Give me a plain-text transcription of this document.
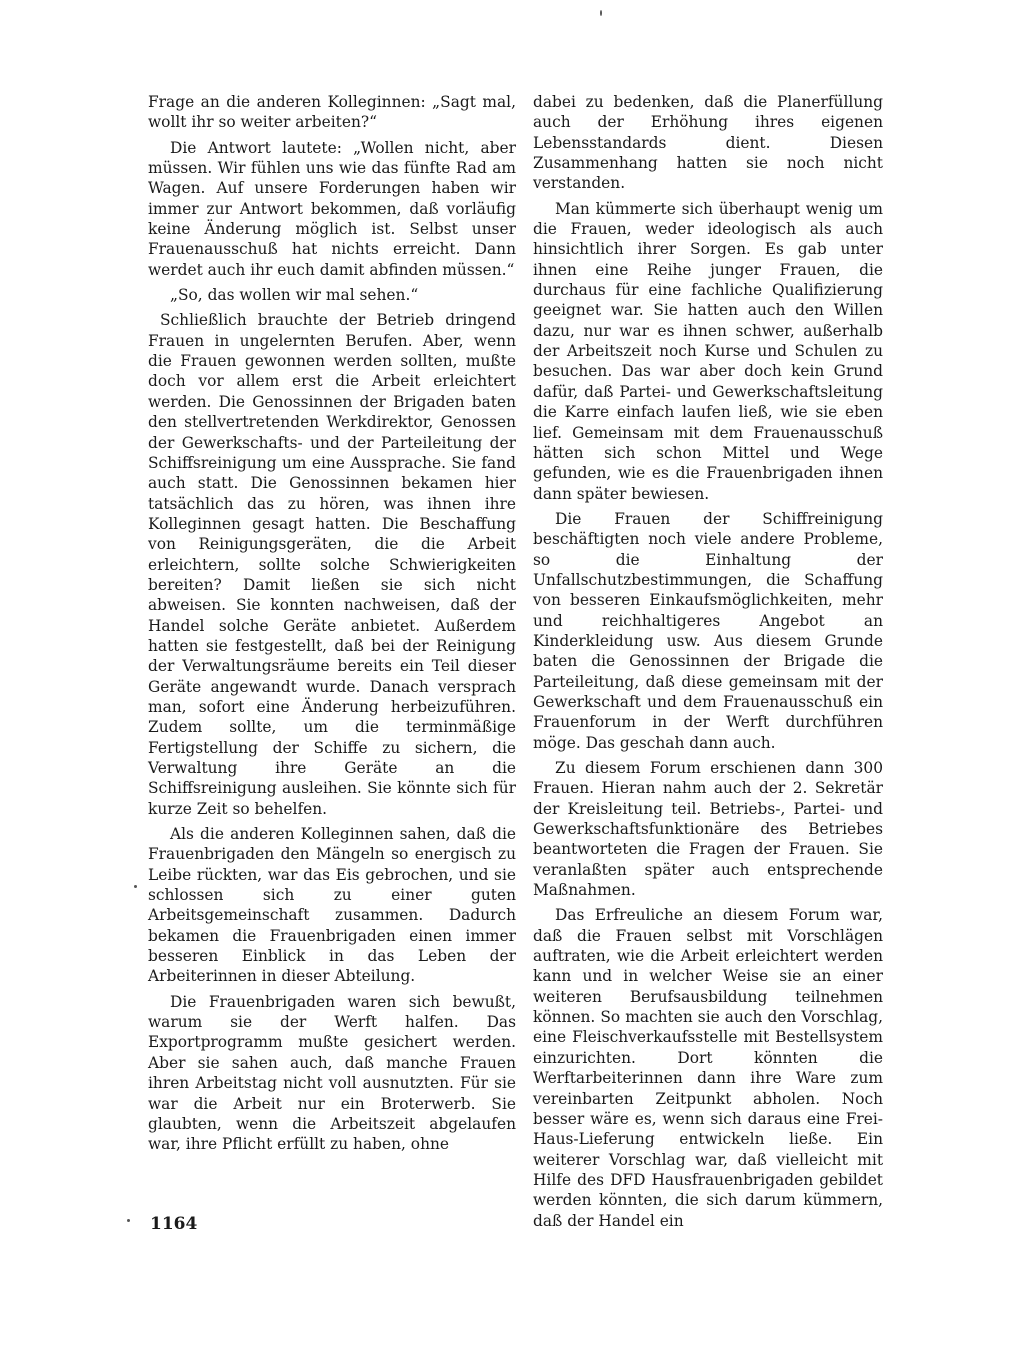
Frage an die anderen Kolleginnen: „Sagt mal, wollt ihr so weiter arbeiten?“

Die Antwort lautete: „Wollen nicht, aber müssen. Wir fühlen uns wie das fünfte Rad am Wagen. Auf unsere Forderungen haben wir immer zur Antwort bekommen, daß vorläufig keine Änderung möglich ist. Selbst unser Frauenausschuß hat nichts erreicht. Dann werdet auch ihr euch damit abfinden müssen.“

„So, das wollen wir mal sehen.“

Schließlich brauchte der Betrieb dringend Frauen in ungelernten Berufen. Aber, wenn die Frauen gewonnen werden sollten, mußte doch vor allem erst die Arbeit erleichtert werden. Die Genossinnen der Brigaden baten den stellvertretenden Werkdirektor, Genossen der Gewerkschafts- und der Parteileitung der Schiffsreinigung um eine Aussprache. Sie fand auch statt. Die Genossinnen bekamen hier tatsächlich das zu hören, was ihnen ihre Kolleginnen gesagt hatten. Die Beschaffung von Reinigungsgeräten, die die Arbeit erleichtern, sollte solche Schwierigkeiten bereiten? Damit ließen sie sich nicht abweisen. Sie konnten nachweisen, daß der Handel solche Geräte anbietet. Außerdem hatten sie festgestellt, daß bei der Reinigung der Verwaltungsräume bereits ein Teil dieser Geräte angewandt wurde. Danach versprach man, sofort eine Änderung herbeizuführen. Zudem sollte, um die terminmäßige Fertigstellung der Schiffe zu sichern, die Verwaltung ihre Geräte an die Schiffsreinigung ausleihen. Sie könnte sich für kurze Zeit so behelfen.

Als die anderen Kolleginnen sahen, daß die Frauenbrigaden den Mängeln so energisch zu Leibe rückten, war das Eis gebrochen, und sie schlossen sich zu einer guten Arbeitsgemeinschaft zusammen. Dadurch bekamen die Frauenbrigaden einen immer besseren Einblick in das Leben der Arbeiterinnen in dieser Abteilung.

Die Frauenbrigaden waren sich bewußt, warum sie der Werft halfen. Das Exportprogramm mußte gesichert werden. Aber sie sahen auch, daß manche Frauen ihren Arbeitstag nicht voll ausnutzten. Für sie war die Arbeit nur ein Broterwerb. Sie glaubten, wenn die Arbeitszeit abgelaufen war, ihre Pflicht erfüllt zu haben, ohne

dabei zu bedenken, daß die Planerfüllung auch der Erhöhung ihres eigenen Lebensstandards dient. Diesen Zusammenhang hatten sie noch nicht verstanden.

Man kümmerte sich überhaupt wenig um die Frauen, weder ideologisch als auch hinsichtlich ihrer Sorgen. Es gab unter ihnen eine Reihe junger Frauen, die durchaus für eine fachliche Qualifizierung geeignet war. Sie hatten auch den Willen dazu, nur war es ihnen schwer, außerhalb der Arbeitszeit noch Kurse und Schulen zu besuchen. Das war aber doch kein Grund dafür, daß Partei- und Gewerkschaftsleitung die Karre einfach laufen ließ, wie sie eben lief. Gemeinsam mit dem Frauenausschuß hätten sich schon Mittel und Wege gefunden, wie es die Frauenbrigaden ihnen dann später bewiesen.

Die Frauen der Schiffreinigung beschäftigten noch viele andere Probleme, so die Einhaltung der Unfallschutzbestimmungen, die Schaffung von besseren Einkaufsmöglichkeiten, mehr und reichhaltigeres Angebot an Kinderkleidung usw. Aus diesem Grunde baten die Genossinnen der Brigade die Parteileitung, daß diese gemeinsam mit der Gewerkschaft und dem Frauenausschuß ein Frauenforum in der Werft durchführen möge. Das geschah dann auch.

Zu diesem Forum erschienen dann 300 Frauen. Hieran nahm auch der 2. Sekretär der Kreisleitung teil. Betriebs-, Partei- und Gewerkschaftsfunktionäre des Betriebes beantworteten die Fragen der Frauen. Sie veranlaßten später auch entsprechende Maßnahmen.

Das Erfreuliche an diesem Forum war, daß die Frauen selbst mit Vorschlägen auftraten, wie die Arbeit erleichtert werden kann und in welcher Weise sie an einer weiteren Berufsausbildung teilnehmen können. So machten sie auch den Vorschlag, eine Fleischverkaufsstelle mit Bestellsystem einzurichten. Dort könnten die Werftarbeiterinnen dann ihre Ware zum vereinbarten Zeitpunkt abholen. Noch besser wäre es, wenn sich daraus eine Frei-Haus-Lieferung entwickeln ließe. Ein weiterer Vorschlag war, daß vielleicht mit Hilfe des DFD Hausfrauenbrigaden gebildet werden könnten, die sich darum kümmern, daß der Handel ein

1164
